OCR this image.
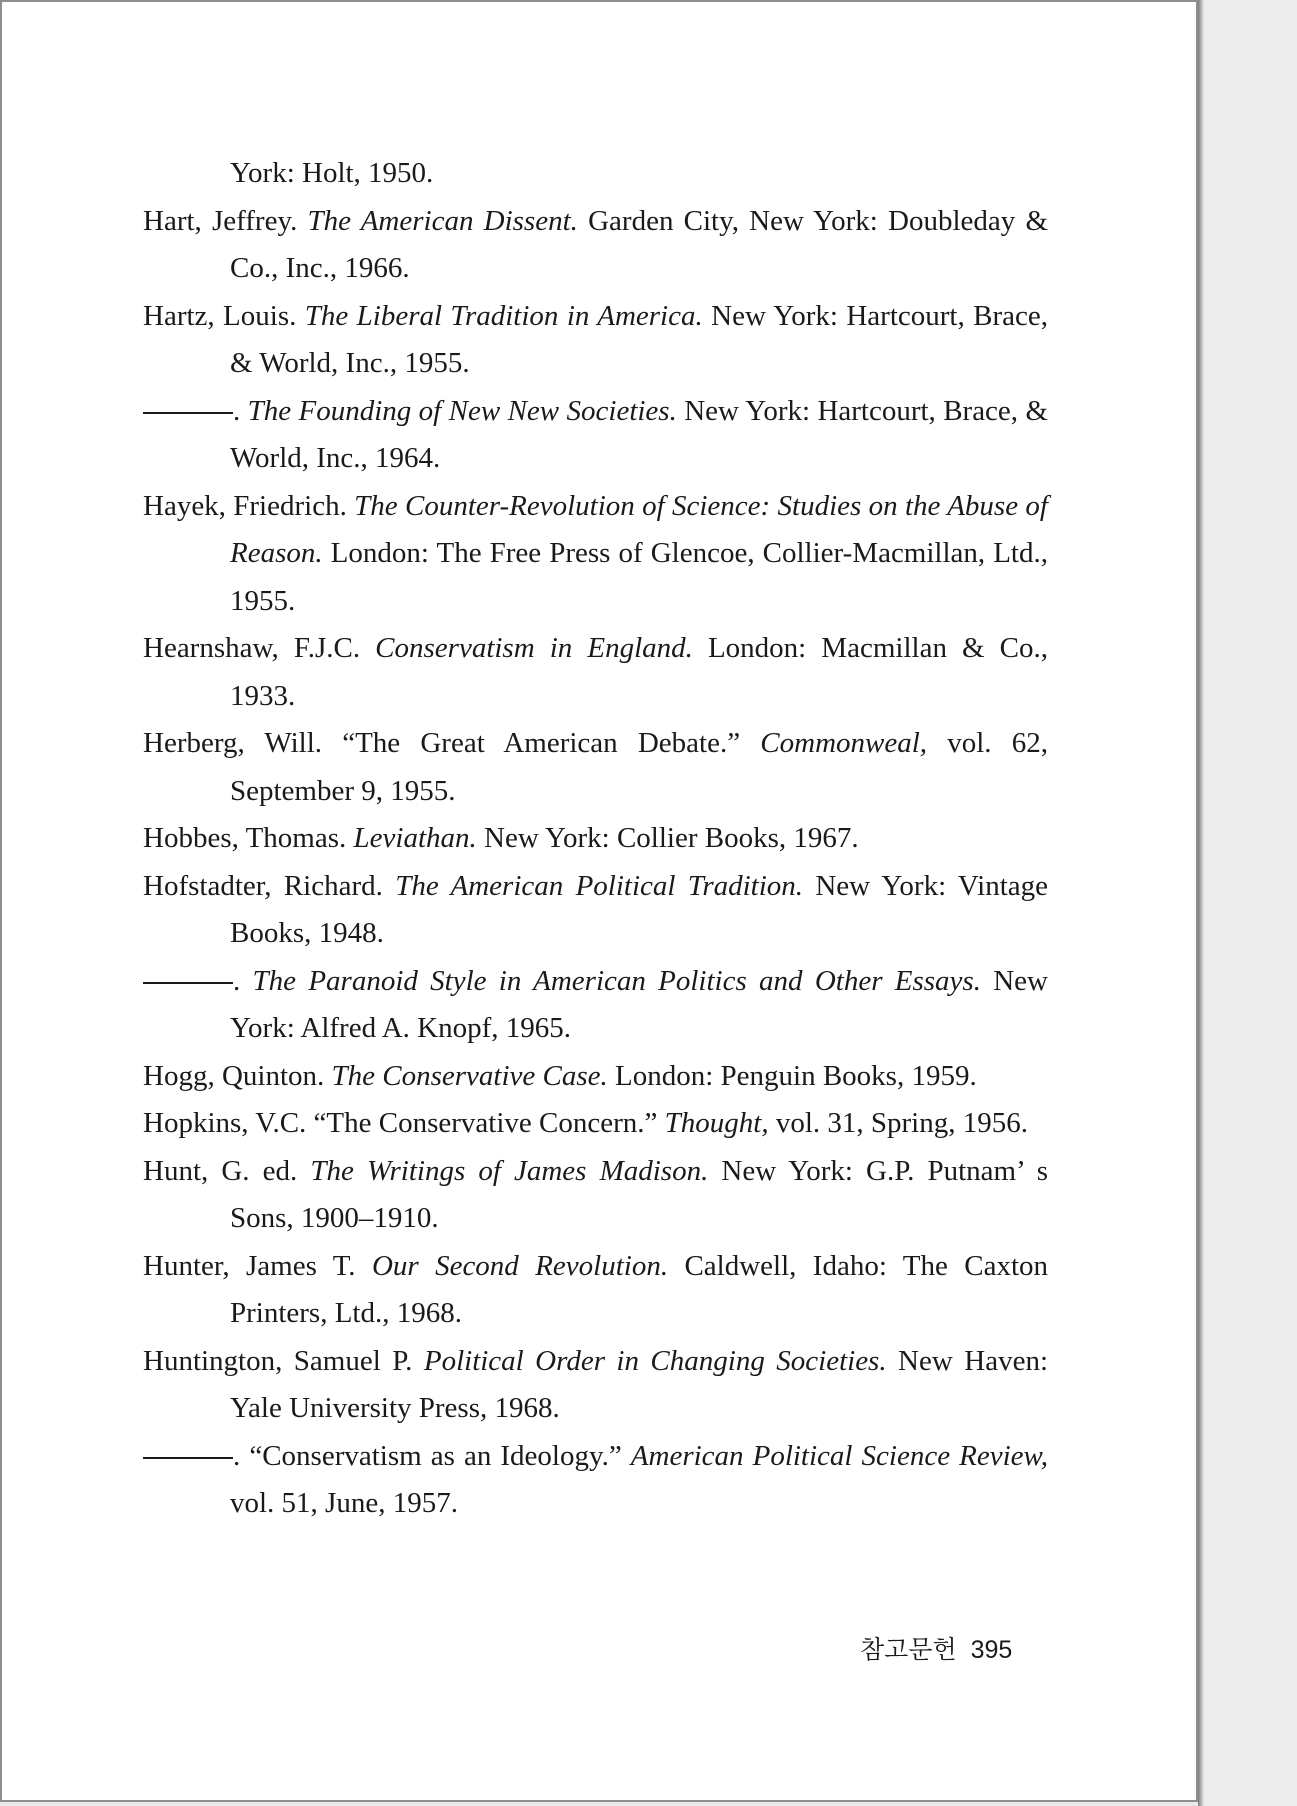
York: Holt, 1950.
Hart, Jeffrey. The American Dissent. Garden City, New York: Doubleday & Co., Inc., 1966.
Hartz, Louis. The Liberal Tradition in America. New York: Hartcourt, Brace, & World, Inc., 1955.
. The Founding of New New Societies. New York: Hartcourt, Brace, & World, Inc., 1964.
Hayek, Friedrich. The Counter-Revolution of Science: Studies on the Abuse of Reason. London: The Free Press of Glencoe, Collier-Macmillan, Ltd., 1955.
Hearnshaw, F.J.C. Conservatism in England. London: Macmillan & Co., 1933.
Herberg, Will. “The Great American Debate.” Commonweal, vol. 62, September 9, 1955.
Hobbes, Thomas. Leviathan. New York: Collier Books, 1967.
Hofstadter, Richard. The American Political Tradition. New York: Vintage Books, 1948.
. The Paranoid Style in American Politics and Other Essays. New York: Alfred A. Knopf, 1965.
Hogg, Quinton. The Conservative Case. London: Penguin Books, 1959.
Hopkins, V.C. “The Conservative Concern.” Thought, vol. 31, Spring, 1956.
Hunt, G. ed. The Writings of James Madison. New York: G.P. Putnam’ s Sons, 1900–1910.
Hunter, James T. Our Second Revolution. Caldwell, Idaho: The Caxton Printers, Ltd., 1968.
Huntington, Samuel P. Political Order in Changing Societies. New Haven: Yale University Press, 1968.
. “Conservatism as an Ideology.” American Political Science Review, vol. 51, June, 1957.
참고문헌 395
